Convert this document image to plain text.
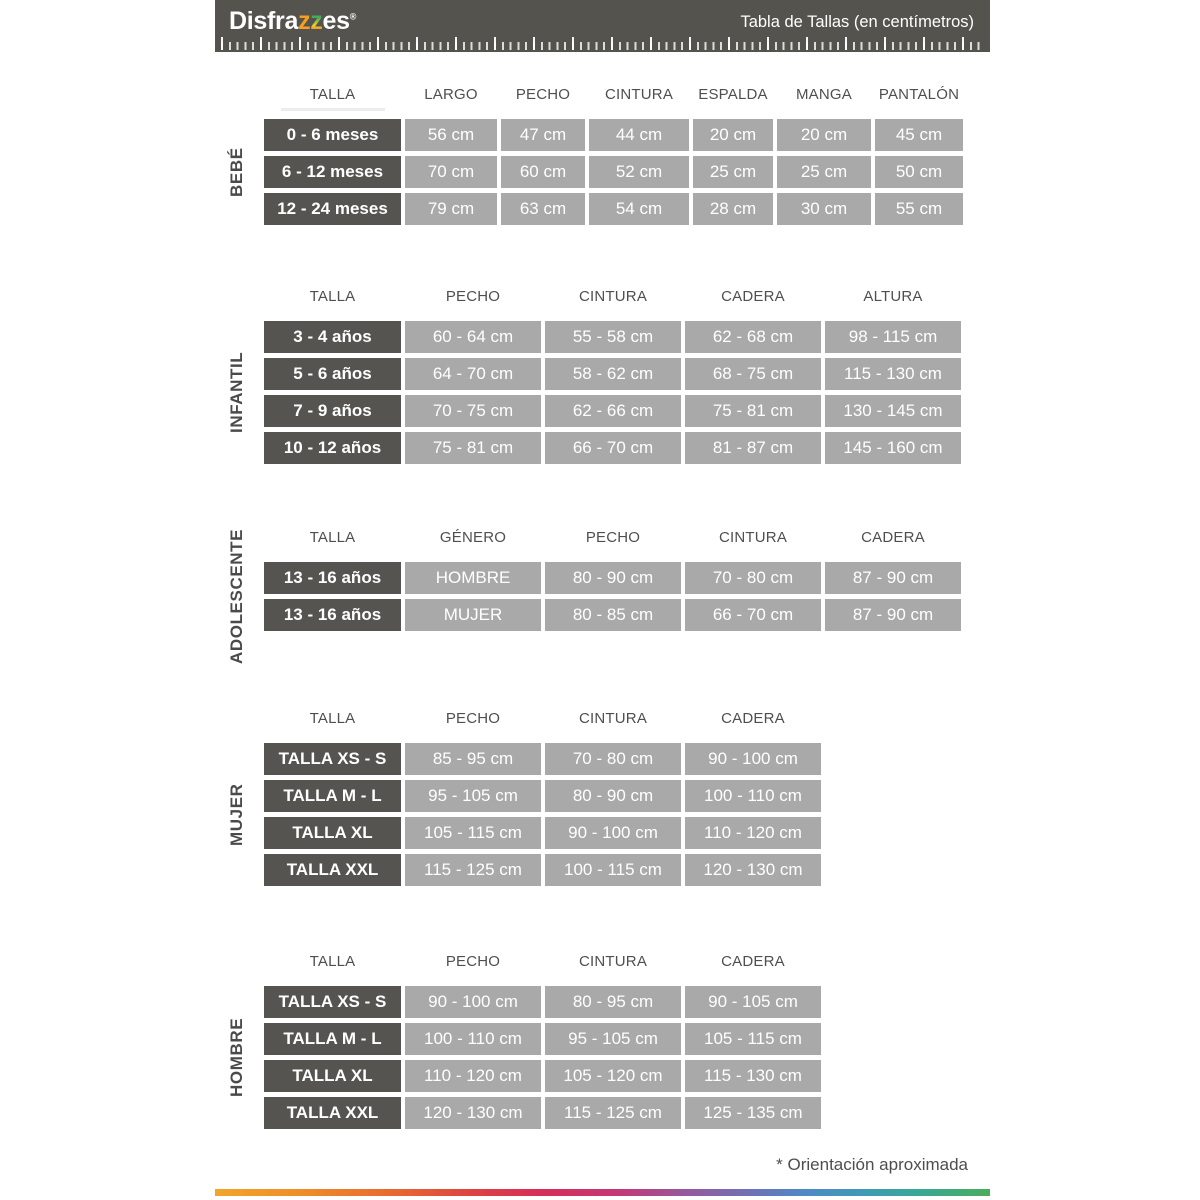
Disfrazzes®	Tabla de Tallas (en centímetros)
BEBÉ
TALLA	LARGO	PECHO	CINTURA	ESPALDA	MANGA	PANTALÓN
0 - 6 meses	56 cm	47 cm	44 cm	20 cm	20 cm	45 cm
6 - 12 meses	70 cm	60 cm	52 cm	25 cm	25 cm	50 cm
12 - 24 meses	79 cm	63 cm	54 cm	28 cm	30 cm	55 cm
INFANTIL
TALLA	PECHO	CINTURA	CADERA	ALTURA
3 - 4 años	60 - 64 cm	55 - 58 cm	62 - 68 cm	98 - 115 cm
5 - 6 años	64 - 70 cm	58 - 62 cm	68 - 75 cm	115 - 130 cm
7 - 9 años	70 - 75 cm	62 - 66 cm	75 - 81 cm	130 - 145 cm
10 - 12 años	75 - 81 cm	66 - 70 cm	81 - 87 cm	145 - 160 cm
ADOLESCENTE	TALLA	GÉNERO	PECHO	CINTURA	CADERA
13 - 16 años	HOMBRE	80 - 90 cm	70 - 80 cm	87 - 90 cm
13 - 16 años	MUJER	80 - 85 cm	66 - 70 cm	87 - 90 cm
MUJER
TALLA	PECHO	CINTURA	CADERA
TALLA XS - S	85 - 95 cm	70 - 80 cm	90 - 100 cm
TALLA M - L	95 - 105 cm	80 - 90 cm	100 - 110 cm
TALLA XL	105 - 115 cm	90 - 100 cm	110 - 120 cm
TALLA XXL	115 - 125 cm	100 - 115 cm	120 - 130 cm
HOMBRE
TALLA	PECHO	CINTURA	CADERA
TALLA XS - S	90 - 100 cm	80 - 95 cm	90 - 105 cm
TALLA M - L	100 - 110 cm	95 - 105 cm	105 - 115 cm
TALLA XL	110 - 120 cm	105 - 120 cm	115 - 130 cm
TALLA XXL	120 - 130 cm	115 - 125 cm	125 - 135 cm
* Orientación aproximada
